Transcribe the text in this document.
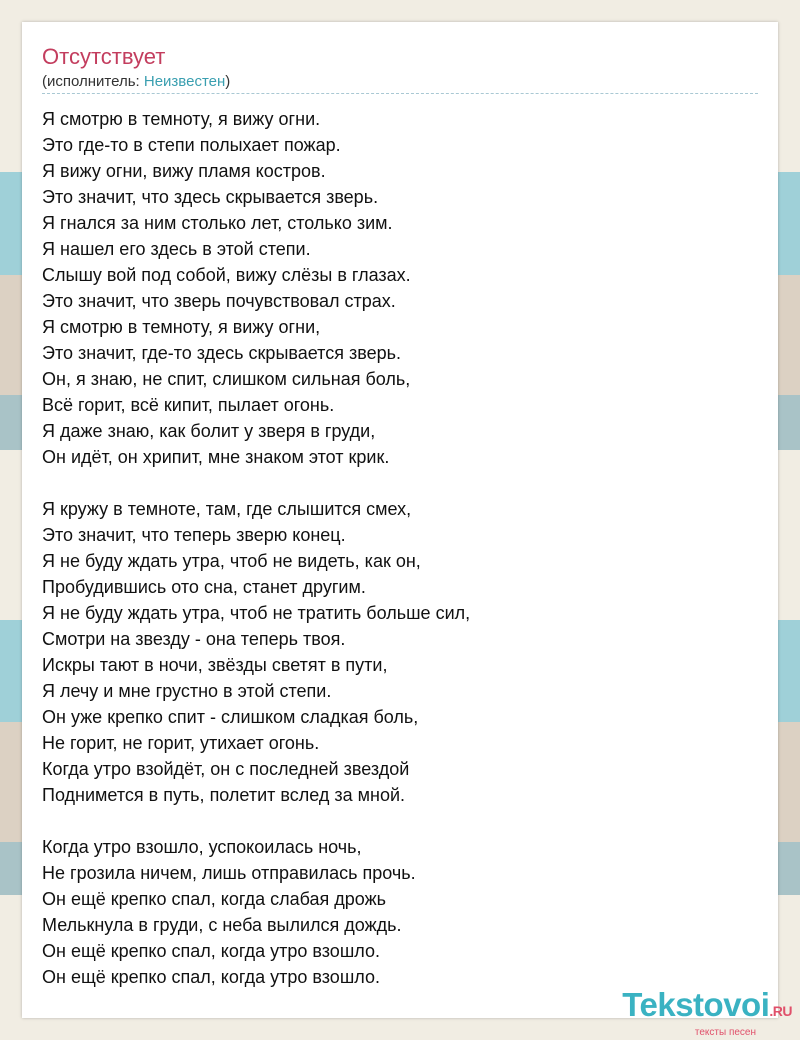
Отсутствует
(исполнитель: Неизвестен)
Я смотрю в темноту, я вижу огни.
Это где-то в степи полыхает пожар.
Я вижу огни, вижу пламя костров.
Это значит, что здесь скрывается зверь.
Я гнался за ним столько лет, столько зим.
Я нашел его здесь в этой степи.
Слышу вой под собой, вижу слёзы в глазах.
Это значит, что зверь почувствовал страх.
Я смотрю в темноту, я вижу огни,
Это значит, где-то здесь скрывается зверь.
Он, я знаю, не спит, слишком сильная боль,
Всё горит, всё кипит, пылает огонь.
Я даже знаю, как болит у зверя в груди,
Он идёт, он хрипит, мне знаком этот крик.
Я кружу в темноте, там, где слышится смех,
Это значит, что теперь зверю конец.
Я не буду ждать утра, чтоб не видеть, как он,
Пробудившись ото сна, станет другим.
Я не буду ждать утра, чтоб не тратить больше сил,
Смотри на звезду - она теперь твоя.
Искры тают в ночи, звёзды светят в пути,
Я лечу и мне грустно в этой степи.
Он уже крепко спит - слишком сладкая боль,
Не горит, не горит, утихает огонь.
Когда утро взойдёт, он с последней звездой
Поднимется в путь, полетит вслед за мной.
Когда утро взошло, успокоилась ночь,
Не грозила ничем, лишь отправилась прочь.
Он ещё крепко спал, когда слабая дрожь
Мелькнула в груди, с неба вылился дождь.
Он ещё крепко спал, когда утро взошло.
Он ещё крепко спал, когда утро взошло.
Tekstovoi.RU
тексты песен
